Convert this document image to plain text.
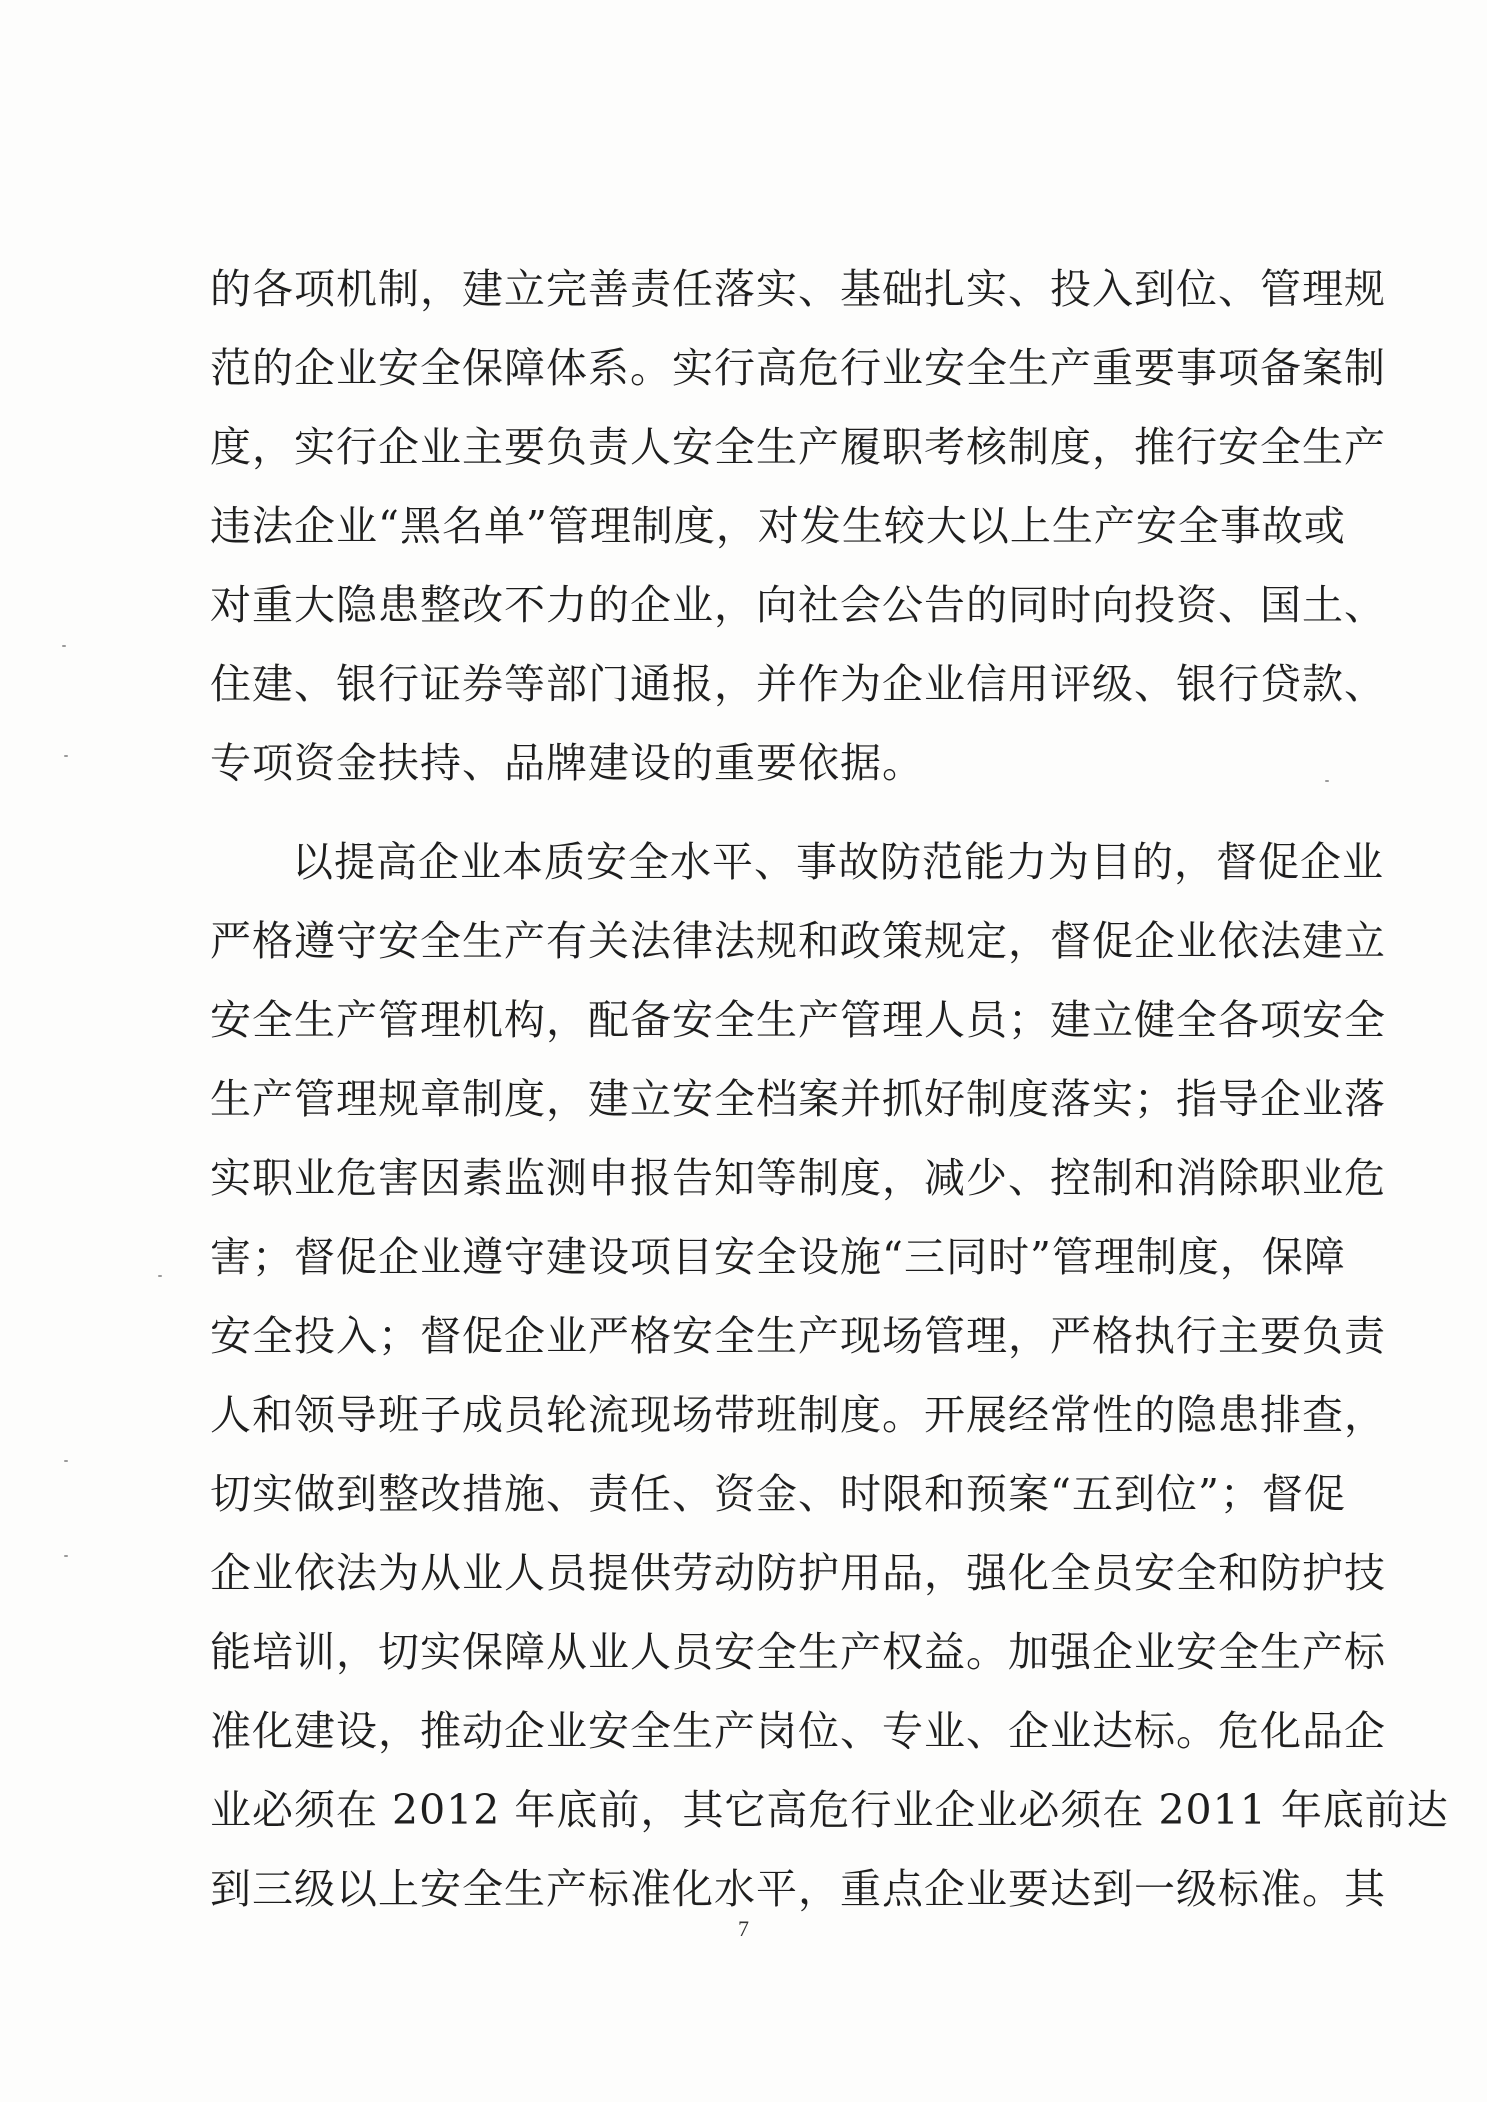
的各项机制，建立完善责任落实、基础扎实、投入到位、管理规
范的企业安全保障体系。实行高危行业安全生产重要事项备案制
度，实行企业主要负责人安全生产履职考核制度，推行安全生产
违法企业“黑名单”管理制度，对发生较大以上生产安全事故或
对重大隐患整改不力的企业，向社会公告的同时向投资、国土、
住建、银行证券等部门通报，并作为企业信用评级、银行贷款、
专项资金扶持、品牌建设的重要依据。
以提高企业本质安全水平、事故防范能力为目的，督促企业
严格遵守安全生产有关法律法规和政策规定，督促企业依法建立
安全生产管理机构，配备安全生产管理人员；建立健全各项安全
生产管理规章制度，建立安全档案并抓好制度落实；指导企业落
实职业危害因素监测申报告知等制度，减少、控制和消除职业危
害；督促企业遵守建设项目安全设施“三同时”管理制度，保障
安全投入；督促企业严格安全生产现场管理，严格执行主要负责
人和领导班子成员轮流现场带班制度。开展经常性的隐患排查，
切实做到整改措施、责任、资金、时限和预案“五到位”；督促
企业依法为从业人员提供劳动防护用品，强化全员安全和防护技
能培训，切实保障从业人员安全生产权益。加强企业安全生产标
准化建设，推动企业安全生产岗位、专业、企业达标。危化品企
业必须在 2012 年底前，其它高危行业企业必须在 2011 年底前达
到三级以上安全生产标准化水平，重点企业要达到一级标准。其
7
